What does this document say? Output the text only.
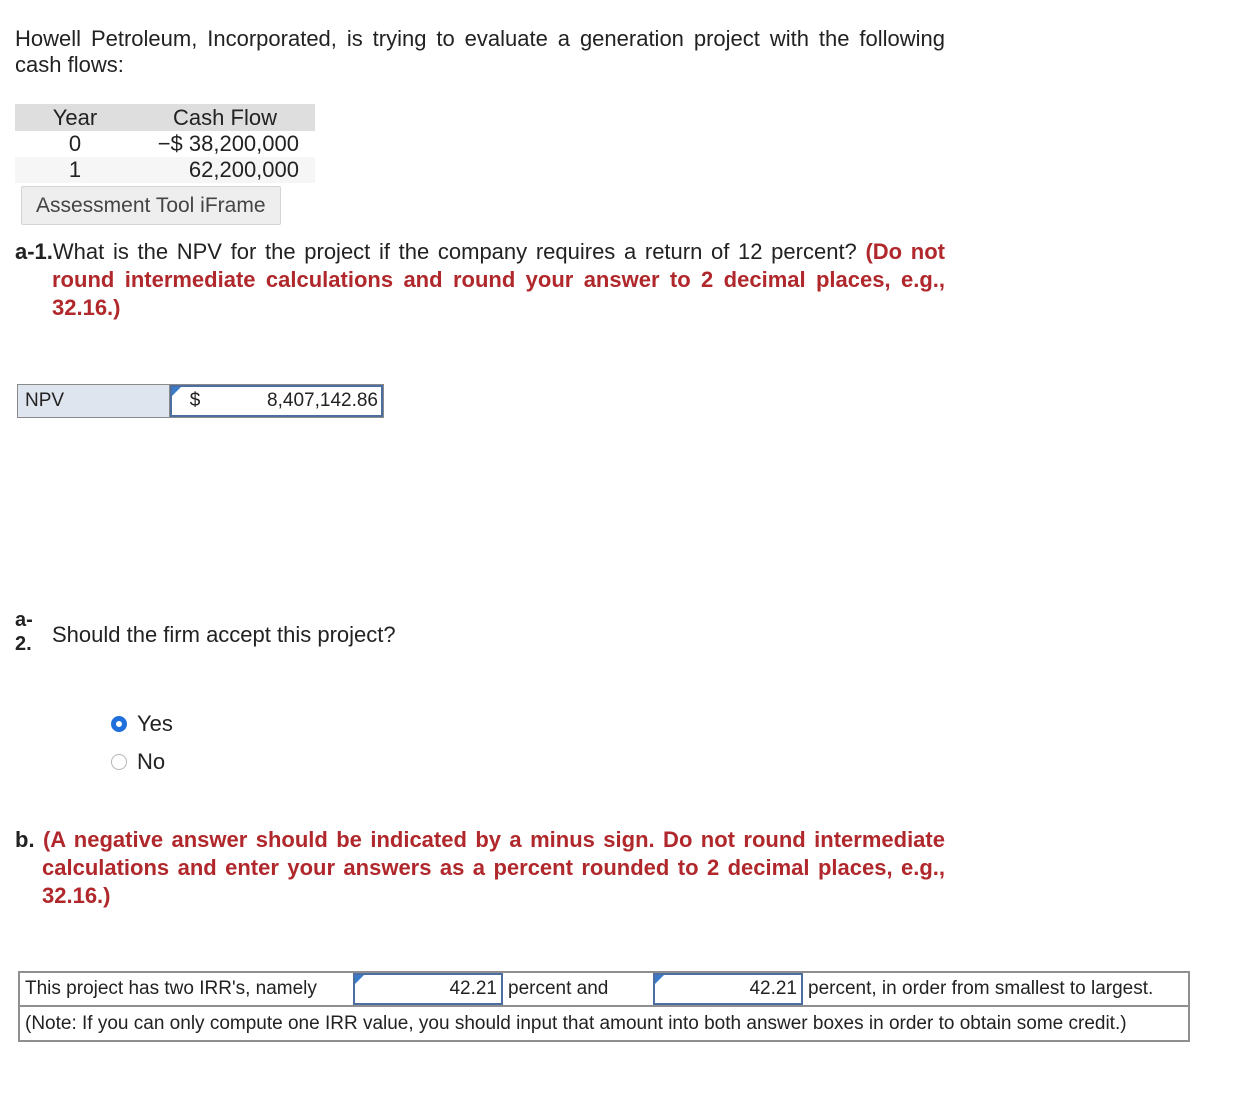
Howell Petroleum, Incorporated, is trying to evaluate a generation project with the following cash flows:
Year	Cash Flow
0	−$ 38,200,000
1	62,200,000
Assessment Tool iFrame
a-1.What is the NPV for the project if the company requires a return of 12 percent? (Do not round intermediate calculations and round your answer to 2 decimal places, e.g., 32.16.)
NPV	$	8,407,142.86
a-
2. Should the firm accept this project?
Yes
No
b. (A negative answer should be indicated by a minus sign. Do not round intermediate calculations and enter your answers as a percent rounded to 2 decimal places, e.g., 32.16.)
This project has two IRR's, namely	42.21 percent and	42.21 percent, in order from smallest to largest.
(Note: If you can only compute one IRR value, you should input that amount into both answer boxes in order to obtain some credit.)
